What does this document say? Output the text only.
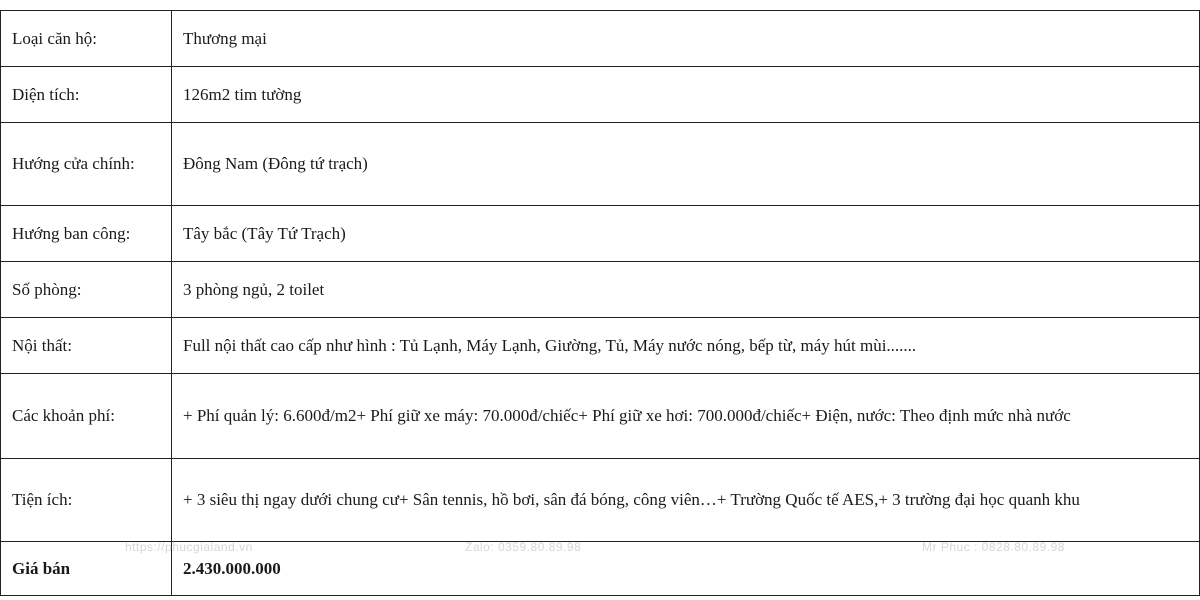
Loại căn hộ:	Thương mại
Diện tích:	126m2 tim tường
Hướng cửa chính:	Đông Nam (Đông tứ trạch)
Hướng ban công:	Tây bắc (Tây Tứ Trạch)
Số phòng:	3 phòng ngủ, 2 toilet
Nội thất:	Full nội thất cao cấp như hình : Tủ Lạnh, Máy Lạnh, Giường, Tủ, Máy nước nóng, bếp từ, máy hút mùi.......
Các khoản phí:	+ Phí quản lý: 6.600đ/m2+ Phí giữ xe máy: 70.000đ/chiếc+ Phí giữ xe hơi: 700.000đ/chiếc+ Điện, nước: Theo định mức nhà nước
Tiện ích:	+ 3 siêu thị ngay dưới chung cư+ Sân tennis, hồ bơi, sân đá bóng, công viên…+ Trường Quốc tế AES,+ 3 trường đại học quanh khu
Giá bán	2.430.000.000
https://phucgialand.vn	Zalo: 0359.80.89.98	Mr Phuc : 0828.80.89.98
